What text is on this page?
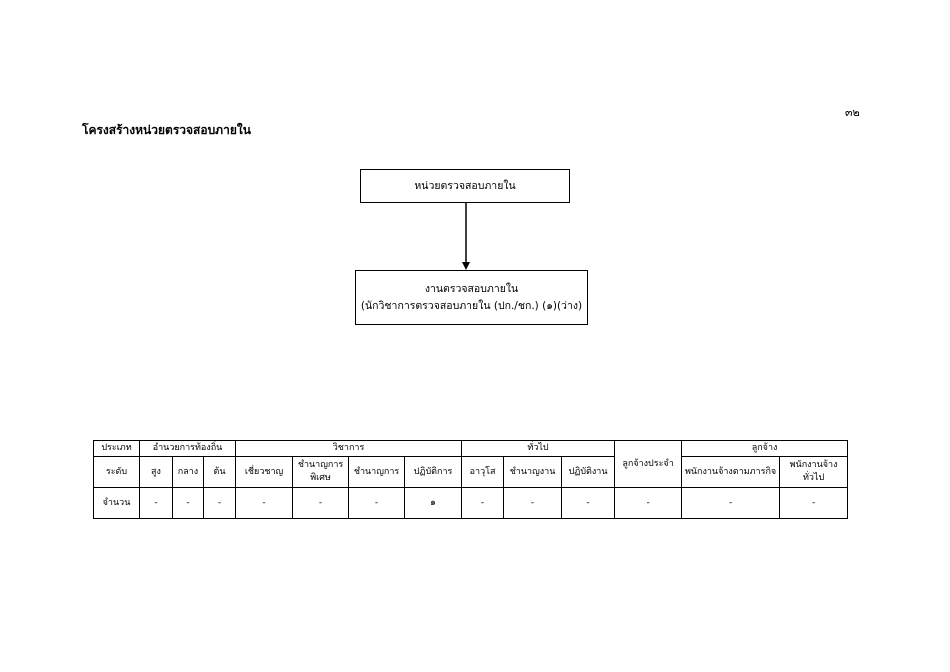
๓๒
โครงสร้างหน่วยตรวจสอบภายใน
หน่วยตรวจสอบภายใน
งานตรวจสอบภายใน
(นักวิชาการตรวจสอบภายใน (ปก./ชก.) (๑)(ว่าง)
ประเภท	อำนวยการท้องถิ่น			วิชาการ				ทั่วไป			ลูกจ้างประจำ	ลูกจ้าง	
ระดับ	สูง	กลาง	ต้น	เชี่ยวชาญ	ชำนาญการพิเศษ	ชำนาญการ	ปฏิบัติการ	อาวุโส	ชำนาญงาน	ปฏิบัติงาน		พนักงานจ้างตามภารกิจ	พนักงานจ้างทั่วไป
จำนวน	-	-	-	-	-	-	๑	-	-	-	-	-	-
